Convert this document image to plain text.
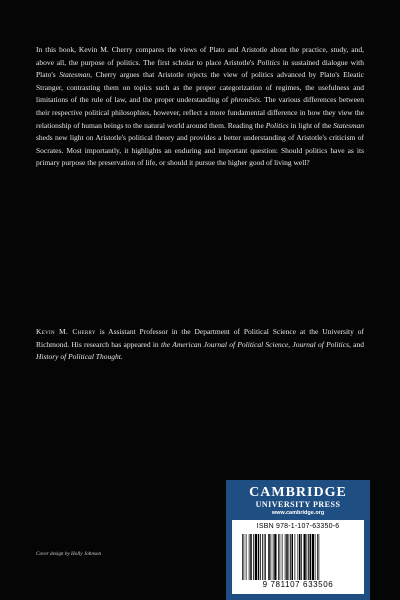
In this book, Kevin M. Cherry compares the views of Plato and Aristotle about the practice, study, and, above all, the purpose of politics. The first scholar to place Aristotle's Politics in sustained dialogue with Plato's Statesman, Cherry argues that Aristotle rejects the view of politics advanced by Plato's Eleatic Stranger, contrasting them on topics such as the proper categorization of regimes, the usefulness and limitations of the rule of law, and the proper understanding of phronēsis. The various differences between their respective political philosophies, however, reflect a more fundamental difference in how they view the relationship of human beings to the natural world around them. Reading the Politics in light of the Statesman sheds new light on Aristotle's political theory and provides a better understanding of Aristotle's criticism of Socrates. Most importantly, it highlights an enduring and important question: Should politics have as its primary purpose the preservation of life, or should it pursue the higher good of living well?

Kevin M. Cherry is Assistant Professor in the Department of Political Science at the University of Richmond. His research has appeared in the American Journal of Political Science, Journal of Politics, and History of Political Thought.

Cover design by Holly Johnson
CAMBRIDGE
UNIVERSITY PRESS
www.cambridge.org
ISBN 978-1-107-63350-6
9 781107 633506
